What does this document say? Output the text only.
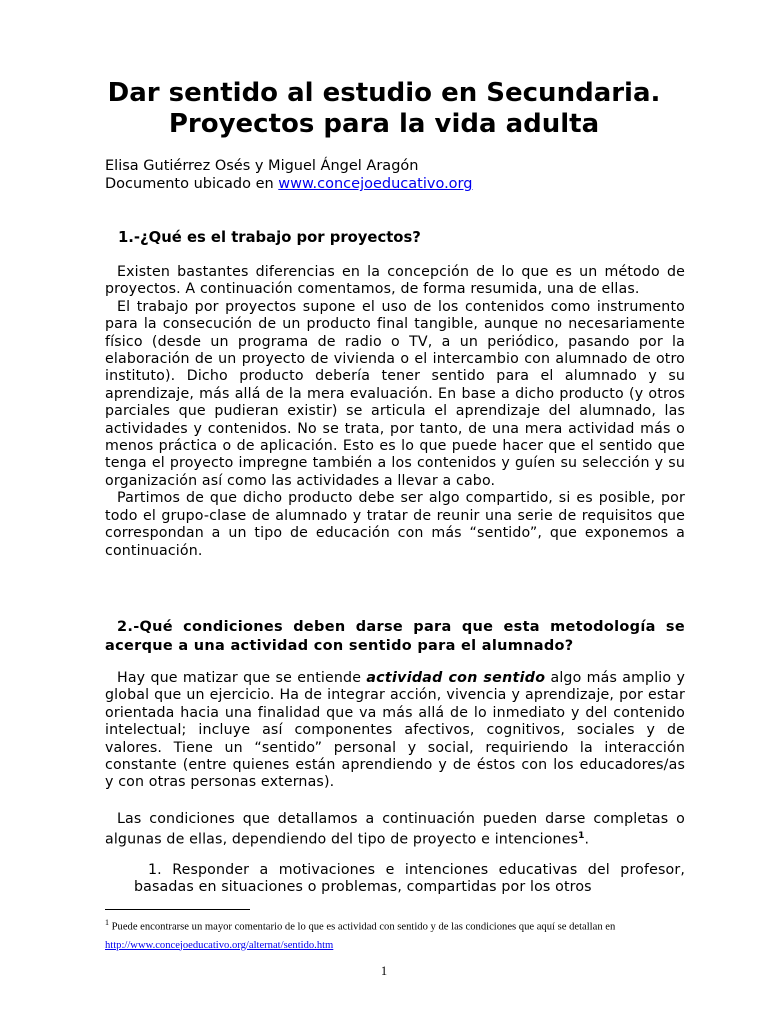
Dar sentido al estudio en Secundaria.
Proyectos para la vida adulta
Elisa Gutiérrez Osés y Miguel Ángel Aragón
Documento ubicado en www.concejoeducativo.org
1.-¿Qué es el trabajo por proyectos?

Existen bastantes diferencias en la concepción de lo que es un método de proyectos. A continuación comentamos, de forma resumida, una de ellas.

El trabajo por proyectos supone el uso de los contenidos como instrumento para la consecución de un producto final tangible, aunque no necesariamente físico (desde un programa de radio o TV, a un periódico, pasando por la elaboración de un proyecto de vivienda o el intercambio con alumnado de otro instituto). Dicho producto debería tener sentido para el alumnado y su aprendizaje, más allá de la mera evaluación. En base a dicho producto (y otros parciales que pudieran existir) se articula el aprendizaje del alumnado, las actividades y contenidos. No se trata, por tanto, de una mera actividad más o menos práctica o de aplicación. Esto es lo que puede hacer que el sentido que tenga el proyecto impregne también a los contenidos y guíen su selección y su organización así como las actividades a llevar a cabo.

Partimos de que dicho producto debe ser algo compartido, si es posible, por todo el grupo-clase de alumnado y tratar de reunir una serie de requisitos que correspondan a un tipo de educación con más “sentido”, que exponemos a continuación.

2.-Qué condiciones deben darse para que esta metodología se acerque a una actividad con sentido para el alumnado?

Hay que matizar que se entiende actividad con sentido algo más amplio y global que un ejercicio. Ha de integrar acción, vivencia y aprendizaje, por estar orientada hacia una finalidad que va más allá de lo inmediato y del contenido intelectual; incluye así componentes afectivos, cognitivos, sociales y de valores. Tiene un “sentido” personal y social, requiriendo la interacción constante (entre quienes están aprendiendo y de éstos con los educadores/as y con otras personas externas).

Las condiciones que detallamos a continuación pueden darse completas o algunas de ellas, dependiendo del tipo de proyecto e intenciones$^1$.

1. Responder a motivaciones e intenciones educativas del profesor, basadas en situaciones o problemas, compartidas por los otros
$^1$ Puede encontrarse un mayor comentario de lo que es actividad con sentido y de las condiciones que aquí se detallan en http://www.concejoeducativo.org/alternat/sentido.htm
1
